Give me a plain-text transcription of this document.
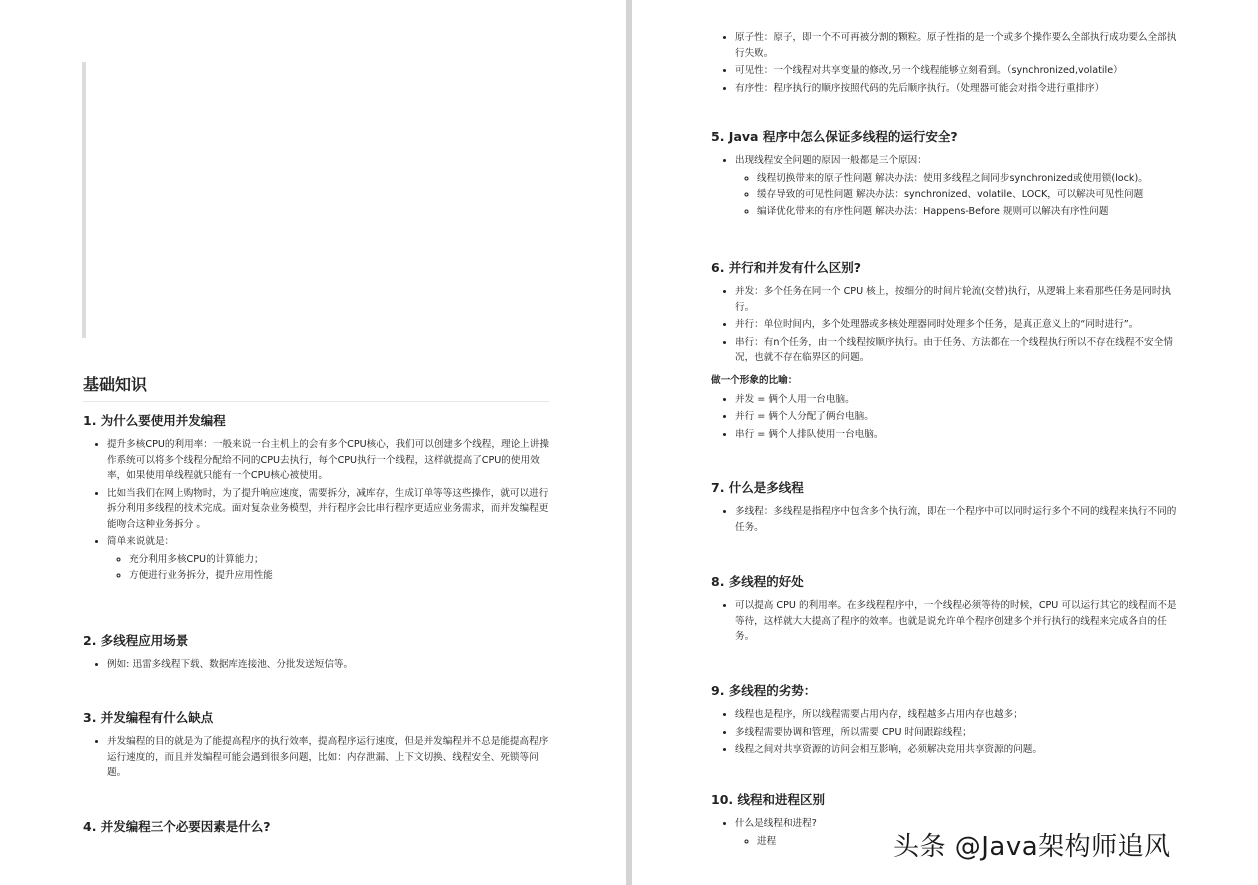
基础知识
1. 为什么要使用并发编程
• 提升多核CPU的利用率：一般来说一台主机上的会有多个CPU核心，我们可以创建多个线程，理论上讲操作系统可以将多个线程分配给不同的CPU去执行，每个CPU执行一个线程，这样就提高了CPU的使用效率，如果使用单线程就只能有一个CPU核心被使用。
• 比如当我们在网上购物时，为了提升响应速度，需要拆分，减库存，生成订单等等这些操作，就可以进行拆分利用多线程的技术完成。面对复杂业务模型，并行程序会比串行程序更适应业务需求，而并发编程更能吻合这种业务拆分 。
• 简单来说就是：
◦ 充分利用多核CPU的计算能力；
◦ 方便进行业务拆分，提升应用性能
2. 多线程应用场景
• 例如: 迅雷多线程下载、数据库连接池、分批发送短信等。
3. 并发编程有什么缺点
• 并发编程的目的就是为了能提高程序的执行效率，提高程序运行速度，但是并发编程并不总是能提高程序运行速度的，而且并发编程可能会遇到很多问题，比如：内存泄漏、上下文切换、线程安全、死锁等问题。
4. 并发编程三个必要因素是什么?
• 原子性：原子，即一个不可再被分割的颗粒。原子性指的是一个或多个操作要么全部执行成功要么全部执行失败。
• 可见性：一个线程对共享变量的修改,另一个线程能够立刻看到。（synchronized,volatile）
• 有序性：程序执行的顺序按照代码的先后顺序执行。（处理器可能会对指令进行重排序）
5. Java 程序中怎么保证多线程的运行安全?
• 出现线程安全问题的原因一般都是三个原因：
◦ 线程切换带来的原子性问题 解决办法：使用多线程之间同步synchronized或使用锁(lock)。
◦ 缓存导致的可见性问题 解决办法：synchronized、volatile、LOCK，可以解决可见性问题
◦ 编译优化带来的有序性问题 解决办法：Happens-Before 规则可以解决有序性问题
6. 并行和并发有什么区别?
• 并发：多个任务在同一个 CPU 核上，按细分的时间片轮流(交替)执行，从逻辑上来看那些任务是同时执行。
• 并行：单位时间内，多个处理器或多核处理器同时处理多个任务，是真正意义上的“同时进行”。
• 串行：有n个任务，由一个线程按顺序执行。由于任务、方法都在一个线程执行所以不存在线程不安全情况，也就不存在临界区的问题。
做一个形象的比喻：
• 并发 = 俩个人用一台电脑。
• 并行 = 俩个人分配了俩台电脑。
• 串行 = 俩个人排队使用一台电脑。
7. 什么是多线程
• 多线程：多线程是指程序中包含多个执行流，即在一个程序中可以同时运行多个不同的线程来执行不同的任务。
8. 多线程的好处
• 可以提高 CPU 的利用率。在多线程程序中，一个线程必须等待的时候，CPU 可以运行其它的线程而不是等待，这样就大大提高了程序的效率。也就是说允许单个程序创建多个并行执行的线程来完成各自的任务。
9. 多线程的劣势：
• 线程也是程序，所以线程需要占用内存，线程越多占用内存也越多；
• 多线程需要协调和管理，所以需要 CPU 时间跟踪线程；
• 线程之间对共享资源的访问会相互影响，必须解决竞用共享资源的问题。
10. 线程和进程区别
• 什么是线程和进程?
◦ 进程	头条 @Java架构师追风
